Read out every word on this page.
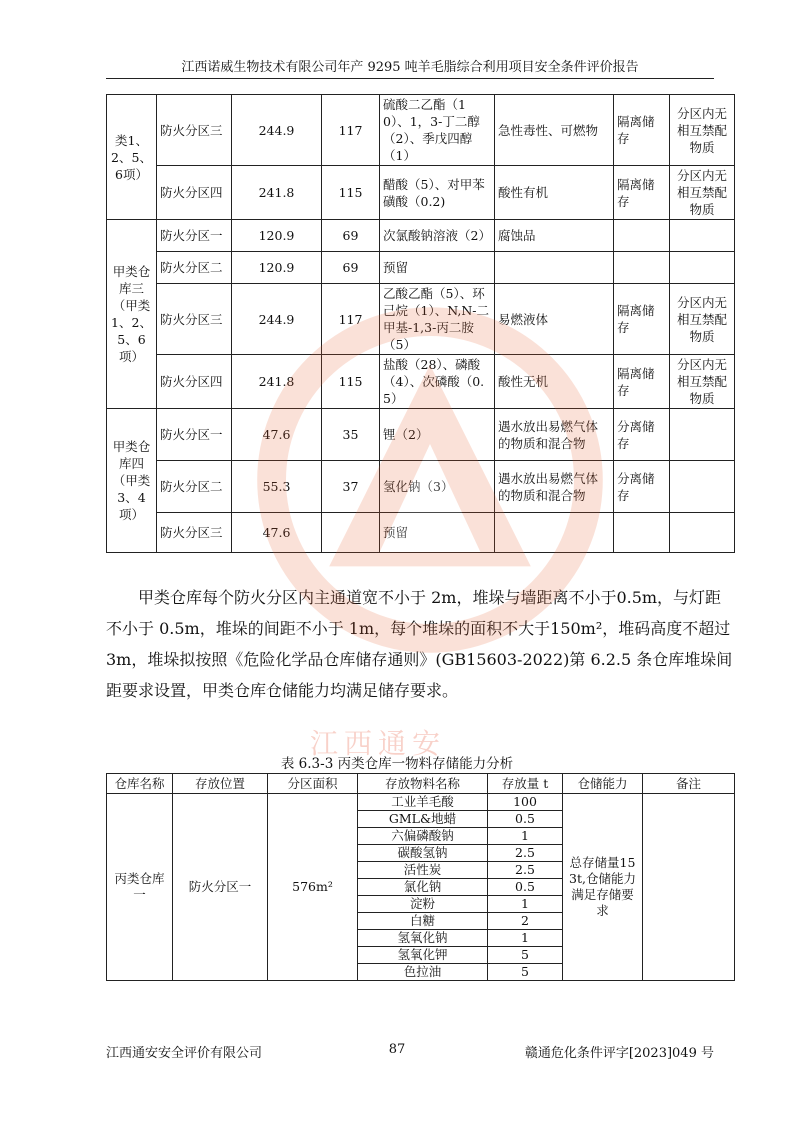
江西诺威生物技术有限公司年产 9295 吨羊毛脂综合利用项目安全条件评价报告
类1、2、5、6项）	防火分区三	244.9	117	硫酸二乙酯（10）、1，3-丁二醇（2）、季戊四醇（1）	急性毒性、可燃物	隔离储存	分区内无相互禁配物质
	防火分区四	241.8	115	醋酸（5）、对甲苯磺酸（0.2)	酸性有机	隔离储存	分区内无相互禁配物质
甲类仓库三（甲类1、2、5、6项）	防火分区一	120.9	69	次氯酸钠溶液（2）	腐蚀品		
	防火分区二	120.9	69	预留			
	防火分区三	244.9	117	乙酸乙酯（5）、环己烷（1）、N,N-二甲基-1,3-丙二胺（5）	易燃液体	隔离储存	分区内无相互禁配物质
	防火分区四	241.8	115	盐酸（28）、磷酸（4）、次磷酸（0.5）	酸性无机	隔离储存	分区内无相互禁配物质
甲类仓库四（甲类3、4项）	防火分区一	47.6	35	锂（2）	遇水放出易燃气体的物质和混合物	分离储存	
	防火分区二	55.3	37	氢化钠（3）	遇水放出易燃气体的物质和混合物	分离储存	
	防火分区三	47.6		预留			

甲类仓库每个防火分区内主通道宽不小于 2m，堆垛与墙距离不小于0.5m，与灯距不小于 0.5m，堆垛的间距不小于 1m，每个堆垛的面积不大于150m²，堆码高度不超过 3m，堆垛拟按照《危险化学品仓库储存通则》(GB15603-2022)第 6.2.5 条仓库堆垛间距要求设置，甲类仓库仓储能力均满足储存要求。

表 6.3-3 丙类仓库一物料存储能力分析
江西通安
仓库名称	存放位置	分区面积	存放物料名称	存放量 t	仓储能力	备注
丙类仓库一	防火分区一	576m²	工业羊毛酸	100	总存储量153t,仓储能力满足存储要求	
			GML&地蜡	0.5		
			六偏磷酸钠	1		
			碳酸氢钠	2.5		
			活性炭	2.5		
			氯化钠	0.5		
			淀粉	1		
			白糖	2		
			氢氧化钠	1		
			氢氧化钾	5		
			色拉油	5		
江西通安安全评价有限公司	87	赣通危化条件评字[2023]049 号
